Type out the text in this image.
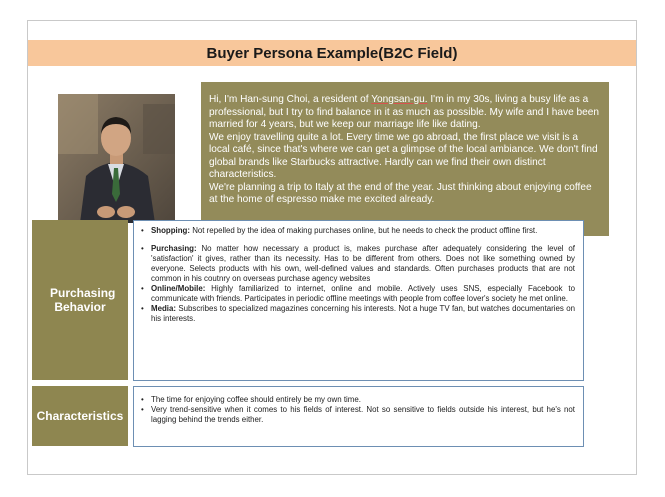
Buyer Persona Example(B2C Field)

Hi, I'm Han-sung Choi, a resident of Yongsan-gu. I'm in my 30s, living a busy life as a professional, but I try to find balance in it as much as possible. My wife and I have been married for 4 years, but we keep our marriage life like dating.

We enjoy travelling quite a lot. Every time we go abroad, the first place we visit is a local café, since that's where we can get a glimpse of the local ambiance. We don't find global brands like Starbucks attractive. Hardly can we find their own distinct characteristics.

We're planning a trip to Italy at the end of the year. Just thinking about enjoying coffee at the home of espresso make me excited already.

Purchasing Behavior
• Shopping: Not repelled by the idea of making purchases online, but he needs to check the product offline first.
• Purchasing: No matter how necessary a product is, makes purchase after adequately considering the level of 'satisfaction' it gives, rather than its necessity. Has to be different from others. Does not like something owned by everyone. Selects products with his own, well-defined values and standards. Often purchases products that are not common in his coutnry on overseas purchase agency websites
• Online/Mobile: Highly familiarized to internet, online and mobile. Actively uses SNS, especially Facebook to communicate with friends. Participates in periodic offline meetings with people from coffee lover's society he met online.
• Media: Subscribes to specialized magazines concerning his interests. Not a huge TV fan, but watches documentaries on his interests.
Characteristics
• The time for enjoying coffee should entirely be my own time.
• Very trend-sensitive when it comes to his fields of interest. Not so sensitive to fields outside his interest, but he's not lagging behind the trends either.
